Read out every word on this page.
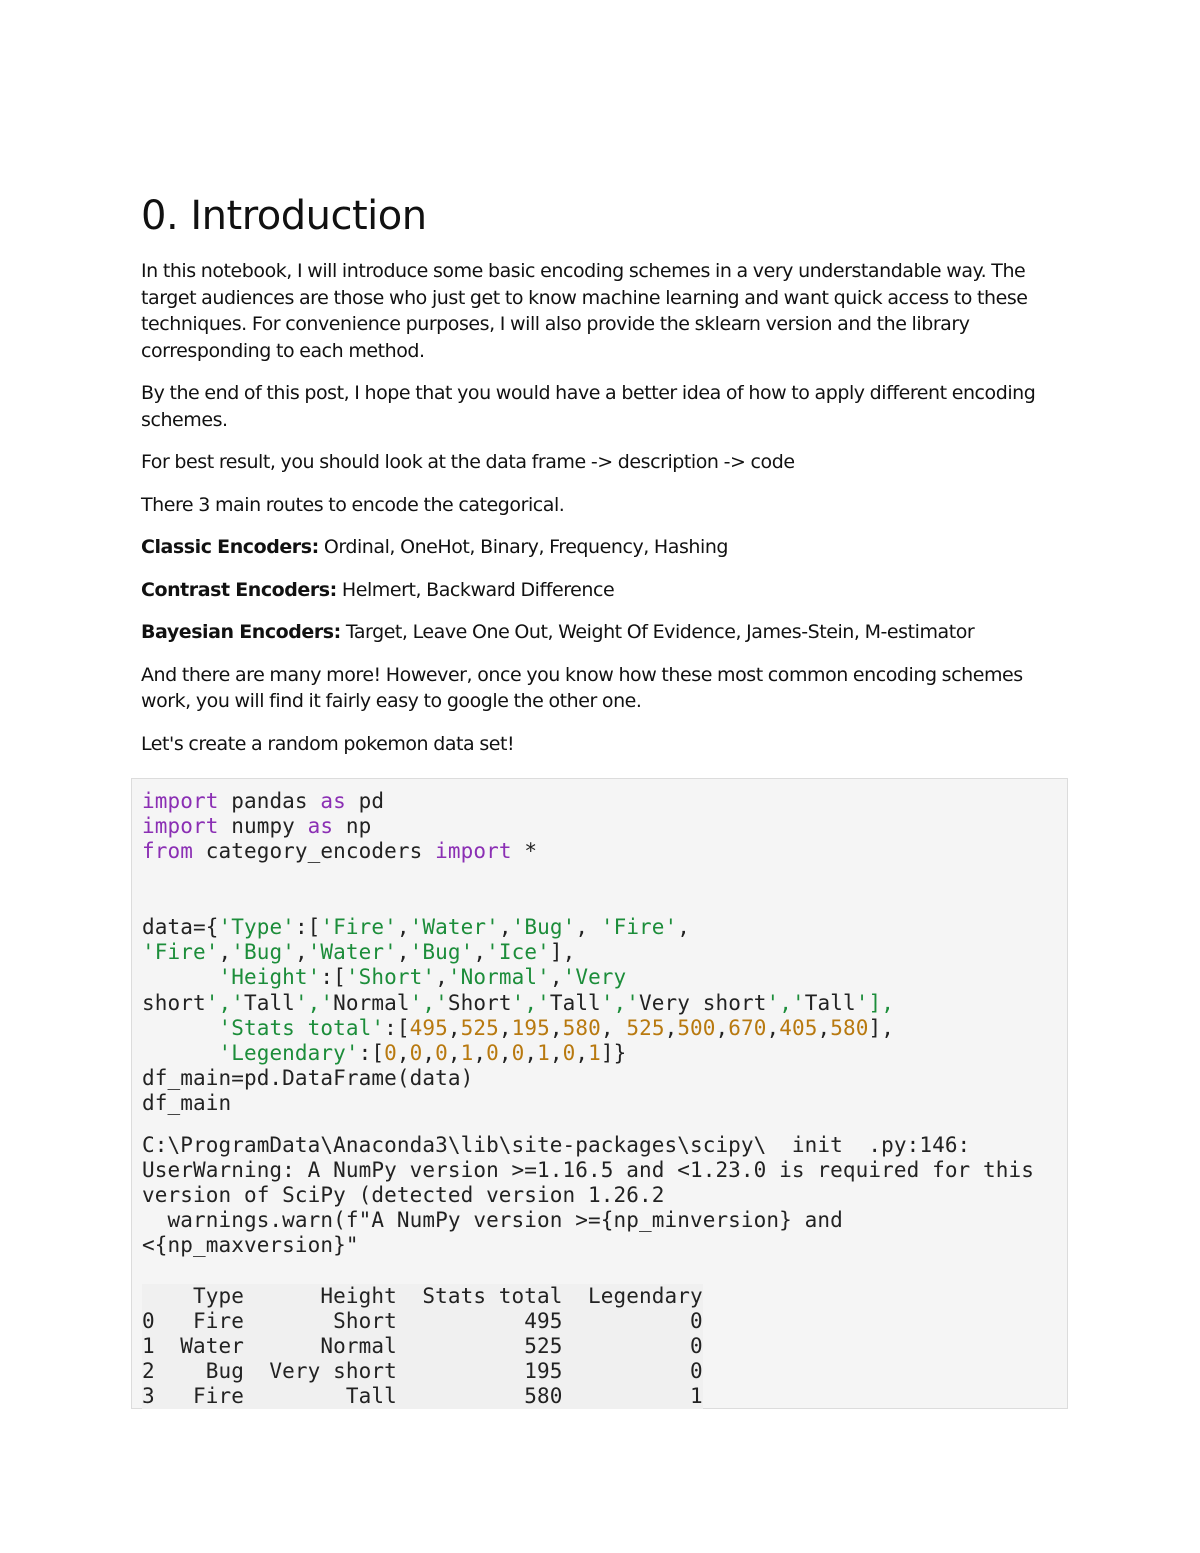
0. Introduction

In this notebook, I will introduce some basic encoding schemes in a very understandable way. The target audiences are those who just get to know machine learning and want quick access to these techniques. For convenience purposes, I will also provide the sklearn version and the library corresponding to each method.

By the end of this post, I hope that you would have a better idea of how to apply different encoding schemes.

For best result, you should look at the data frame -> description -> code

There 3 main routes to encode the categorical.

Classic Encoders: Ordinal, OneHot, Binary, Frequency, Hashing

Contrast Encoders: Helmert, Backward Difference

Bayesian Encoders: Target, Leave One Out, Weight Of Evidence, James-Stein, M-estimator

And there are many more! However, once you know how these most common encoding schemes work, you will find it fairly easy to google the other one.

Let's create a random pokemon data set!

import pandas as pd
import numpy as np
from category_encoders import *

data={'Type':['Fire','Water','Bug', 'Fire',
'Fire','Bug','Water','Bug','Ice'],
'Height':['Short','Normal','Very
short','Tall','Normal','Short','Tall','Very short','Tall'],
'Stats total':[495,525,195,580, 525,500,670,405,580],
'Legendary':[0,0,0,1,0,0,1,0,1]}
df_main=pd.DataFrame(data)
df_main
C:\ProgramData\Anaconda3\lib\site-packages\scipy\  init  .py:146:
UserWarning: A NumPy version >=1.16.5 and <1.23.0 is required for this
version of SciPy (detected version 1.26.2
warnings.warn(f"A NumPy version >={np_minversion} and
<{np_maxversion}"
Type      Height  Stats total  Legendary
0   Fire       Short          495          0
1  Water      Normal          525          0
2    Bug  Very short          195          0
3   Fire        Tall          580          1
